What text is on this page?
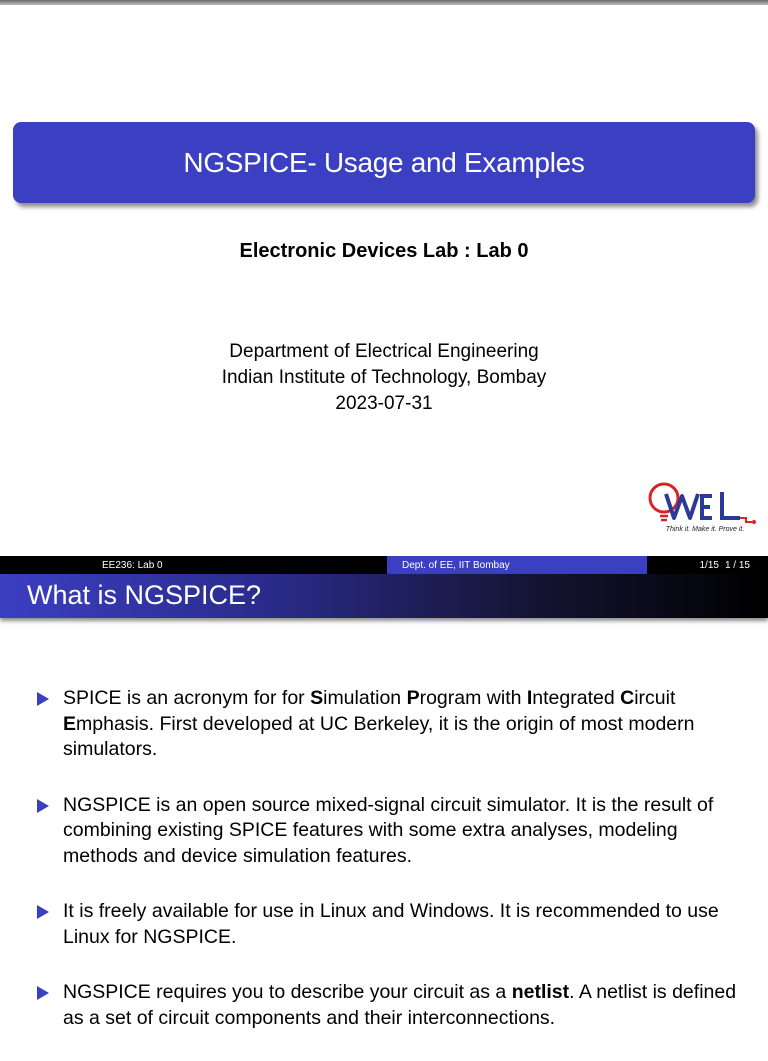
NGSPICE- Usage and Examples
Electronic Devices Lab : Lab 0
Department of Electrical Engineering
Indian Institute of Technology, Bombay
2023-07-31
Think it. Make it. Prove it.
EE236: Lab 0	Dept. of EE, IIT Bombay	1/15 1 / 15
What is NGSPICE?
SPICE is an acronym for for Simulation Program with Integrated Circuit Emphasis. First developed at UC Berkeley, it is the origin of most modern simulators.
NGSPICE is an open source mixed-signal circuit simulator. It is the result of combining existing SPICE features with some extra analyses, modeling methods and device simulation features.
It is freely available for use in Linux and Windows. It is recommended to use Linux for NGSPICE.
NGSPICE requires you to describe your circuit as a netlist. A netlist is defined as a set of circuit components and their interconnections.
